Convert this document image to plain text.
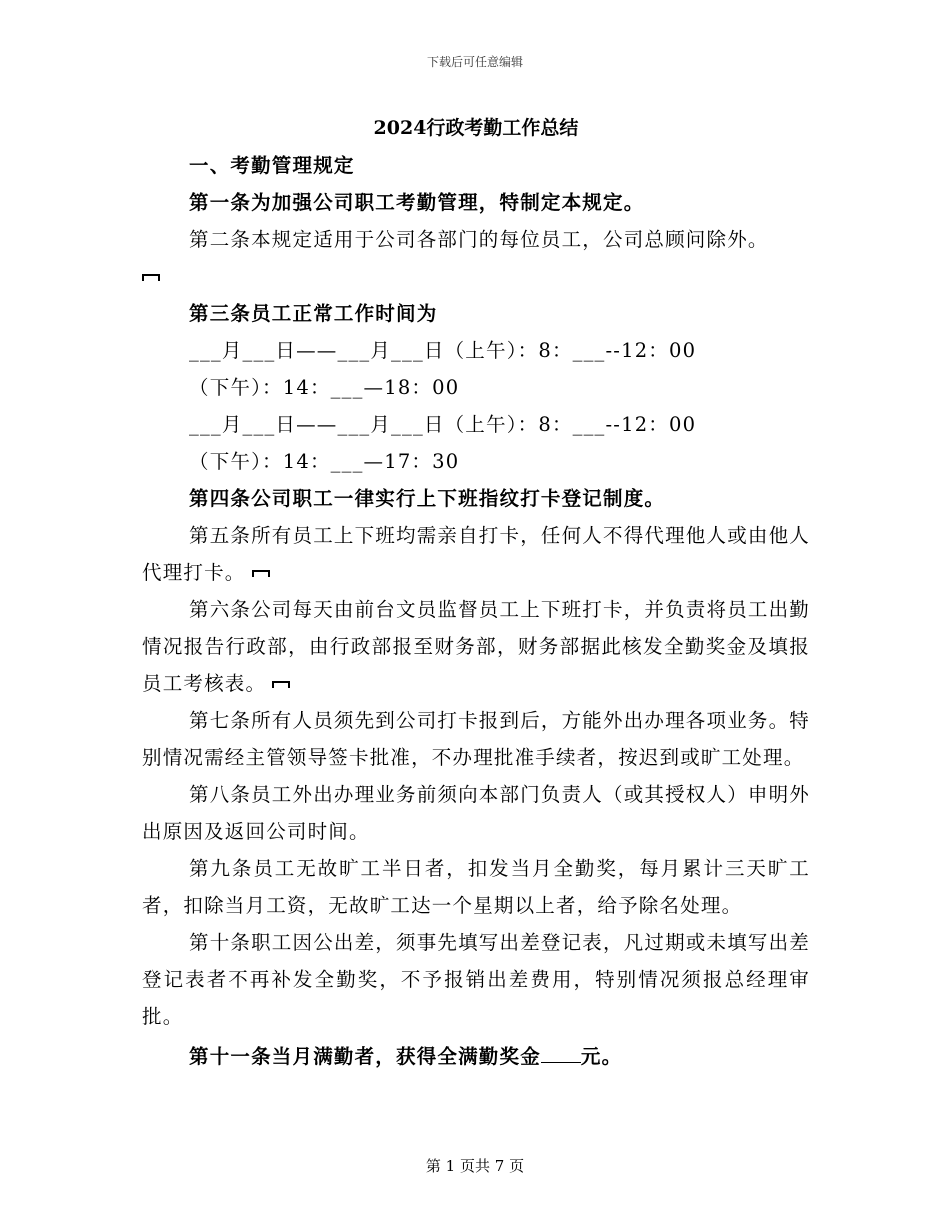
下载后可任意编辑
2024行政考勤工作总结
一、考勤管理规定
第一条为加强公司职工考勤管理，特制定本规定。
第二条本规定适用于公司各部门的每位员工，公司总顾问除外。
第三条员工正常工作时间为
___月___日——___月___日（上午）：8：___--12：00
（下午）：14：___—18：00
___月___日——___月___日（上午）：8：___--12：00
（下午）：14：___—17：30
第四条公司职工一律实行上下班指纹打卡登记制度。

第五条所有员工上下班均需亲自打卡，任何人不得代理他人或由他人代理打卡。

第六条公司每天由前台文员监督员工上下班打卡，并负责将员工出勤情况报告行政部，由行政部报至财务部，财务部据此核发全勤奖金及填报员工考核表。

第七条所有人员须先到公司打卡报到后，方能外出办理各项业务。特别情况需经主管领导签卡批准，不办理批准手续者，按迟到或旷工处理。

第八条员工外出办理业务前须向本部门负责人（或其授权人）申明外出原因及返回公司时间。

第九条员工无故旷工半日者，扣发当月全勤奖，每月累计三天旷工者，扣除当月工资，无故旷工达一个星期以上者，给予除名处理。

第十条职工因公出差，须事先填写出差登记表，凡过期或未填写出差登记表者不再补发全勤奖，不予报销出差费用，特别情况须报总经理审批。

第十一条当月满勤者，获得全满勤奖金 元。
第 1 页共 7 页
